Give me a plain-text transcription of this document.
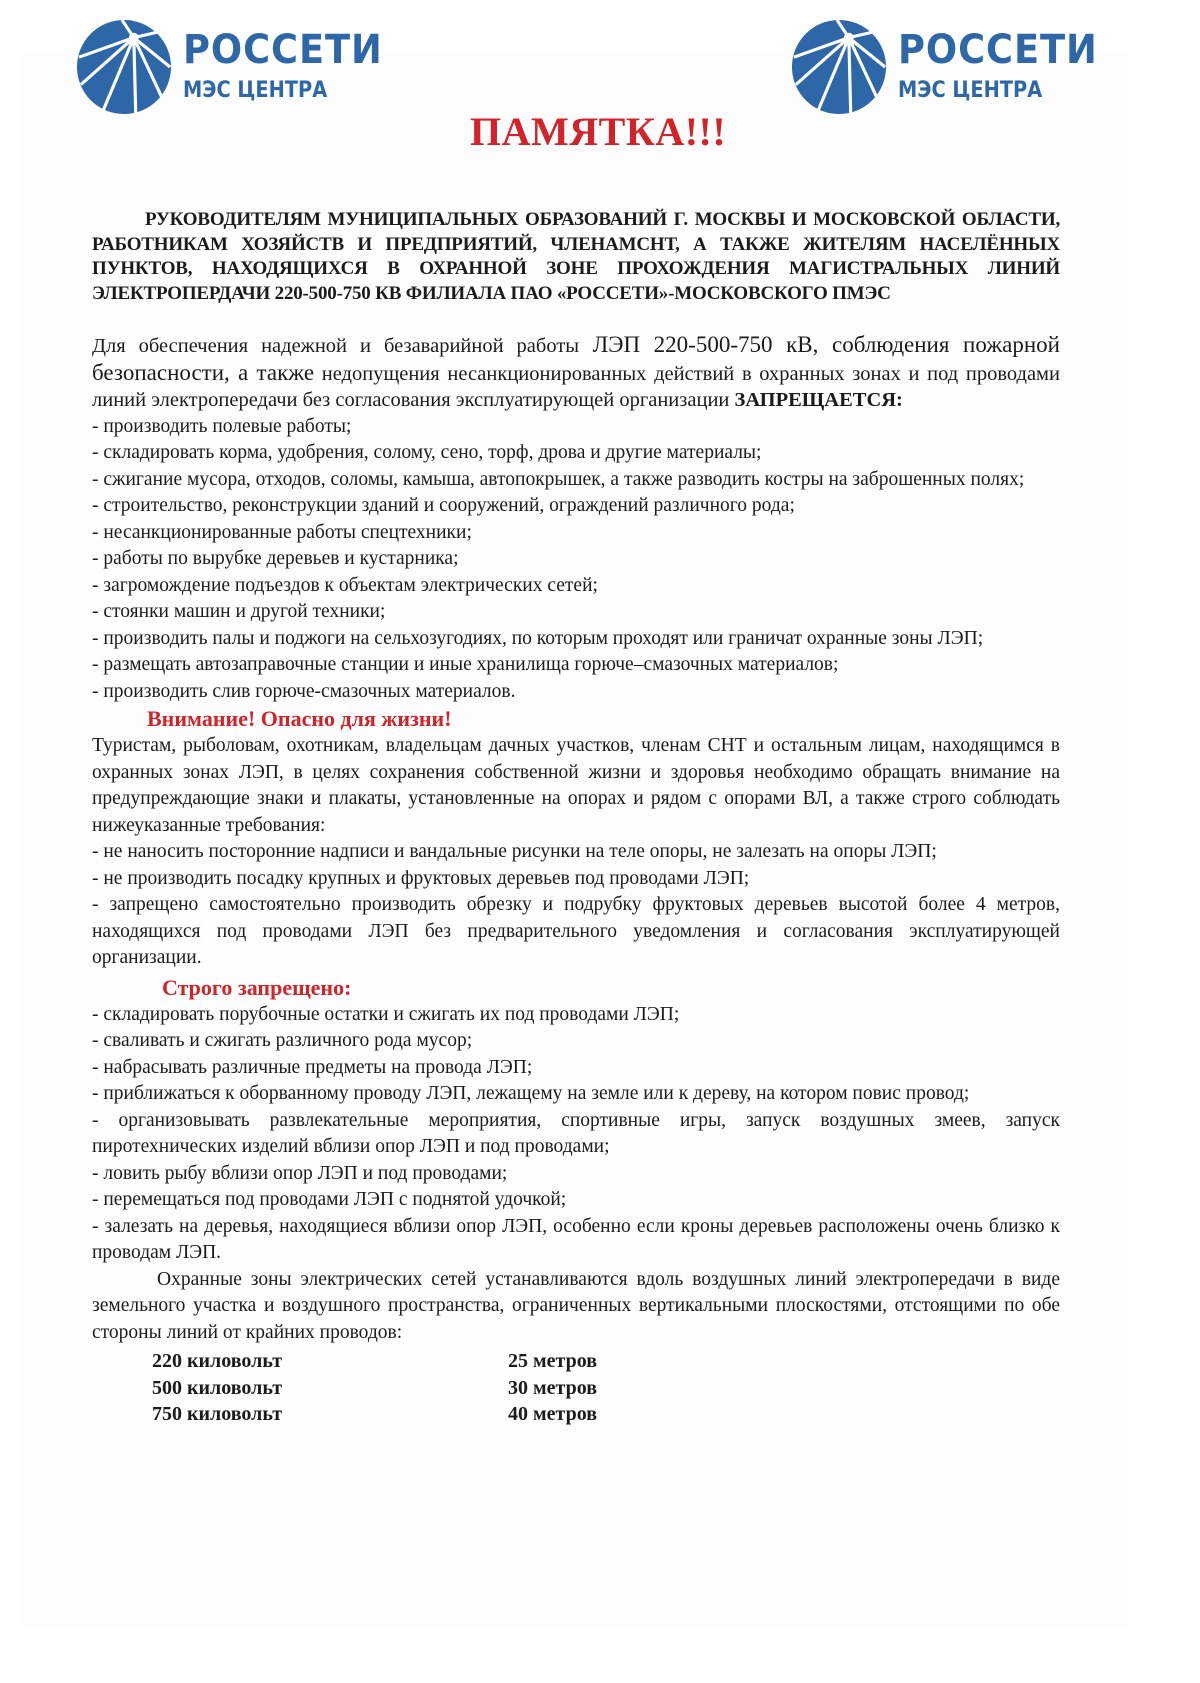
РОССЕТИ
МЭС ЦЕНТРА
ПАМЯТКА!!!
РОССЕТИ
МЭС ЦЕНТРА
РУКОВОДИТЕЛЯМ МУНИЦИПАЛЬНЫХ ОБРАЗОВАНИЙ Г. МОСКВЫ И МОСКОВСКОЙ ОБЛАСТИ, РАБОТНИКАМ ХОЗЯЙСТВ И ПРЕДПРИЯТИЙ, ЧЛЕНАМСНТ, А ТАКЖЕ ЖИТЕЛЯМ НАСЕЛЁННЫХ ПУНКТОВ, НАХОДЯЩИХСЯ В ОХРАННОЙ ЗОНЕ ПРОХОЖДЕНИЯ МАГИСТРАЛЬНЫХ ЛИНИЙ ЭЛЕКТРОПЕРДАЧИ 220-500-750 КВ ФИЛИАЛА ПАО «РОССЕТИ»-МОСКОВСКОГО ПМЭС
Для обеспечения надежной и безаварийной работы ЛЭП 220-500-750 кВ, соблюдения пожарной безопасности, а также недопущения несанкционированных действий в охранных зонах и под проводами линий электропередачи без согласования эксплуатирующей организации ЗАПРЕЩАЕТСЯ:
- производить полевые работы;
- складировать корма, удобрения, солому, сено, торф, дрова и другие материалы;
- сжигание мусора, отходов, соломы, камыша, автопокрышек, а также разводить костры на заброшенных полях;
- строительство, реконструкции зданий и сооружений, ограждений различного рода;
- несанкционированные работы спецтехники;
- работы по вырубке деревьев и кустарника;
- загромождение подъездов к объектам электрических сетей;
- стоянки машин и другой техники;
- производить палы и поджоги на сельхозугодиях, по которым проходят или граничат охранные зоны ЛЭП;
- размещать автозаправочные станции и иные хранилища горюче–смазочных материалов;
- производить слив горюче-смазочных материалов.
Внимание! Опасно для жизни!
Туристам, рыболовам, охотникам, владельцам дачных участков, членам СНТ и остальным лицам, находящимся в охранных зонах ЛЭП, в целях сохранения собственной жизни и здоровья необходимо обращать внимание на предупреждающие знаки и плакаты, установленные на опорах и рядом с опорами ВЛ, а также строго соблюдать нижеуказанные требования:
- не наносить посторонние надписи и вандальные рисунки на теле опоры, не залезать на опоры ЛЭП;
- не производить посадку крупных и фруктовых деревьев под проводами ЛЭП;
- запрещено самостоятельно производить обрезку и подрубку фруктовых деревьев высотой более 4 метров, находящихся под проводами ЛЭП без предварительного уведомления и согласования эксплуатирующей организации.
Строго запрещено:
- складировать порубочные остатки и сжигать их под проводами ЛЭП;
- сваливать и сжигать различного рода мусор;
- набрасывать различные предметы на провода ЛЭП;
- приближаться к оборванному проводу ЛЭП, лежащему на земле или к дереву, на котором повис провод;
- организовывать развлекательные мероприятия, спортивные игры, запуск воздушных змеев, запуск пиротехнических изделий вблизи опор ЛЭП и под проводами;
- ловить рыбу вблизи опор ЛЭП и под проводами;
- перемещаться под проводами ЛЭП с поднятой удочкой;
- залезать на деревья, находящиеся вблизи опор ЛЭП, особенно если кроны деревьев расположены очень близко к проводам ЛЭП.
Охранные зоны электрических сетей устанавливаются вдоль воздушных линий электропередачи в виде земельного участка и воздушного пространства, ограниченных вертикальными плоскостями, отстоящими по обе стороны линий от крайних проводов:
220 киловольт	25 метров
500 киловольт	30 метров
750 киловольт	40 метров
